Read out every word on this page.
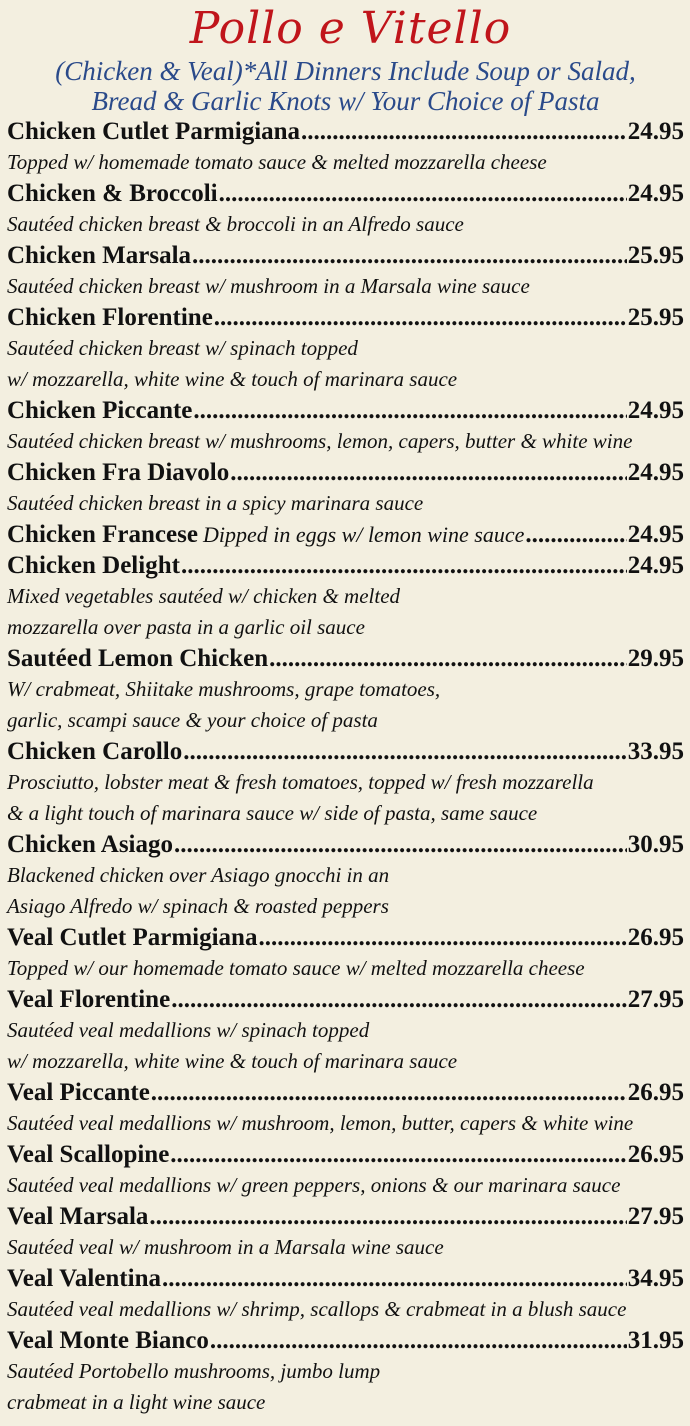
Pollo e Vitello
(Chicken & Veal)*All Dinners Include Soup or Salad,
Bread & Garlic Knots w/ Your Choice of Pasta
Chicken Cutlet Parmigiana .....	24.95
Topped w/ homemade tomato sauce & melted mozzarella cheese
Chicken & Broccoli .....	24.95
Sautéed chicken breast & broccoli in an Alfredo sauce
Chicken Marsala .....	25.95
Sautéed chicken breast w/ mushroom in a Marsala wine sauce
Chicken Florentine .....	25.95
Sautéed chicken breast w/ spinach topped
w/ mozzarella, white wine & touch of marinara sauce
Chicken Piccante .....	24.95
Sautéed chicken breast w/ mushrooms, lemon, capers, butter & white wine
Chicken Fra Diavolo .....	24.95
Sautéed chicken breast in a spicy marinara sauce
Chicken Francese Dipped in eggs w/ lemon wine sauce .....	24.95
Chicken Delight .....	24.95
Mixed vegetables sautéed w/ chicken & melted
mozzarella over pasta in a garlic oil sauce
Sautéed Lemon Chicken .....	29.95
W/ crabmeat, Shiitake mushrooms, grape tomatoes,
garlic, scampi sauce & your choice of pasta
Chicken Carollo .....	33.95
Prosciutto, lobster meat & fresh tomatoes, topped w/ fresh mozzarella
& a light touch of marinara sauce w/ side of pasta, same sauce
Chicken Asiago .....	30.95
Blackened chicken over Asiago gnocchi in an
Asiago Alfredo w/ spinach & roasted peppers
Veal Cutlet Parmigiana .....	26.95
Topped w/ our homemade tomato sauce w/ melted mozzarella cheese
Veal Florentine .....	27.95
Sautéed veal medallions w/ spinach topped
w/ mozzarella, white wine & touch of marinara sauce
Veal Piccante .....	26.95
Sautéed veal medallions w/ mushroom, lemon, butter, capers & white wine
Veal Scallopine .....	26.95
Sautéed veal medallions w/ green peppers, onions & our marinara sauce
Veal Marsala .....	27.95
Sautéed veal w/ mushroom in a Marsala wine sauce
Veal Valentina .....	34.95
Sautéed veal medallions w/ shrimp, scallops & crabmeat in a blush sauce
Veal Monte Bianco .....	31.95
Sautéed Portobello mushrooms, jumbo lump
crabmeat in a light wine sauce
